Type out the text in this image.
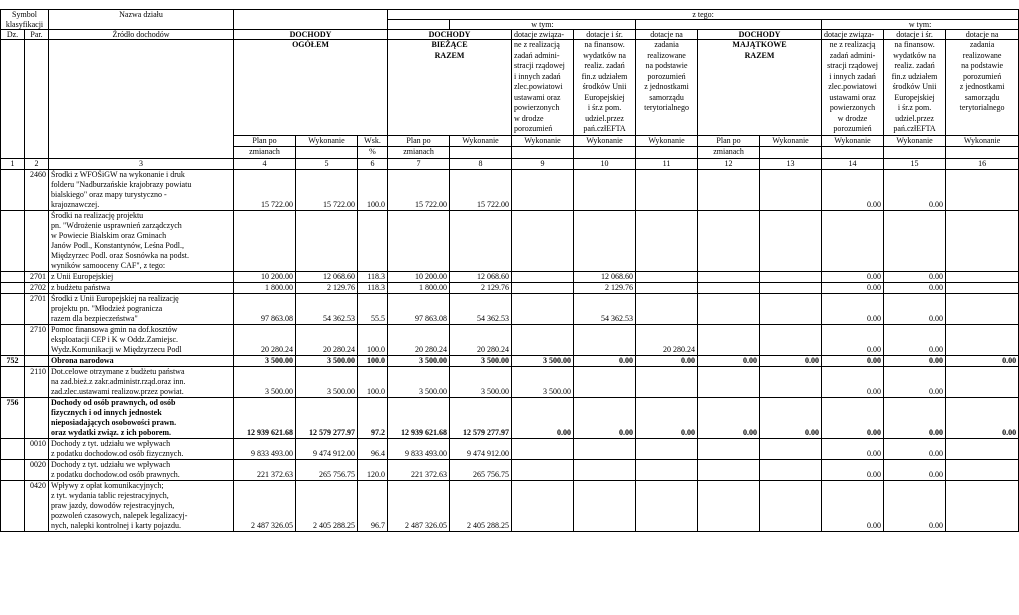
Symbol		Nazwa działu				z tego:									
klasyfikacji							w tym:						w tym:		
Dz.	Par.	Źródło dochodów	DOCHODY			DOCHODY		dotacje związa-	dotacje i śr.	dotacje na	DOCHODY		dotacje związa-	dotacje i śr.	dotacje na
			OGÓŁEM			BIEŻĄCE		ne z realizacją	na finansow.	zadania	MAJĄTKOWE		ne z realizacją	na finansow.	zadania
						RAZEM		zadań admini-	wydatków na	realizowane	RAZEM		zadań admini-	wydatków na	realizowane
								stracji rządowej	realiz. zadań	na podstawie			stracji rządowej	realiz. zadań	na podstawie
								i innych zadań	fin.z udziałem	porozumień			i innych zadań	fin.z udziałem	porozumień
								zlec.powiatowi	środków Unii	z jednostkami			zlec.powiatowi	środków Unii	z jednostkami
								ustawami oraz	Europejskiej	samorządu			ustawami oraz	Europejskiej	samorządu
								powierzonych	i śr.z pom.	terytorialnego			powierzonych	i śr.z pom.	terytorialnego
								w drodze	udziel.przez				w drodze	udziel.przez	
								porozumień	pań.człEFTA				porozumień	pań.człEFTA	
			Plan po	Wykonanie	Wsk.	Plan po	Wykonanie	Wykonanie	Wykonanie	Wykonanie	Plan po	Wykonanie	Wykonanie	Wykonanie	Wykonanie
			zmianach		%	zmianach					zmianach				
1	2	3	4	5	6	7	8	9	10	11	12	13	14	15	16
	2460	Środki z WFOŚiGW na wykonanie i druk													
		folderu "Nadburzańskie krajobrazy powiatu													
		bialskiego" oraz mapy turystyczno -													
		krajoznawczej.	15 722.00	15 722.00	100.0	15 722.00	15 722.00						0.00	0.00	
		Środki na realizację projektu													
		pn. "Wdrożenie usprawnień zarządczych													
		w Powiecie Bialskim oraz Gminach													
		Janów Podl., Konstantynów, Leśna Podl.,													
		Międzyrzec Podl. oraz Sosnówka na podst.													
		wyników samooceny CAF", z tego:													
	2701	z Unii Europejskiej	10 200.00	12 068.60	118.3	10 200.00	12 068.60		12 068.60				0.00	0.00	
	2702	z budżetu państwa	1 800.00	2 129.76	118.3	1 800.00	2 129.76		2 129.76				0.00	0.00	
	2701	Środki z Unii Europejskiej na realizację													
		projektu pn. "Młodzież pogranicza													
		razem dla bezpieczeństwa"	97 863.08	54 362.53	55.5	97 863.08	54 362.53		54 362.53				0.00	0.00	
	2710	Pomoc finansowa gmin na dof.kosztów													
		eksploatacji CEP i K w Oddz.Zamiejsc.													
		Wydz.Komunikacji w Międzyrzecu Podl	20 280.24	20 280.24	100.0	20 280.24	20 280.24			20 280.24			0.00	0.00	
752		Obrona narodowa	3 500.00	3 500.00	100.0	3 500.00	3 500.00	3 500.00	0.00	0.00	0.00	0.00	0.00	0.00	0.00
	2110	Dot.celowe otrzymane z budżetu państwa													
		na zad.bież.z zakr.administr.rząd.oraz inn.													
		zad.zlec.ustawami realizow.przez powiat.	3 500.00	3 500.00	100.0	3 500.00	3 500.00	3 500.00					0.00	0.00	
756		Dochody od osób prawnych, od osób													
		fizycznych i od innych jednostek													
		nieposiadających osobowości prawn.													
		oraz wydatki związ. z ich poborem.	12 939 621.68	12 579 277.97	97.2	12 939 621.68	12 579 277.97	0.00	0.00	0.00	0.00	0.00	0.00	0.00	0.00
	0010	Dochody z tyt. udziału we wpływach													
		z podatku dochodow.od osób fizycznych.	9 833 493.00	9 474 912.00	96.4	9 833 493.00	9 474 912.00						0.00	0.00	
	0020	Dochody z tyt. udziału we wpływach													
		z podatku dochodow.od osób prawnych.	221 372.63	265 756.75	120.0	221 372.63	265 756.75						0.00	0.00	
	0420	Wpływy z opłat komunikacyjnych;													
		z tyt. wydania tablic rejestracyjnych,													
		praw jazdy, dowodów rejestracyjnych,													
		pozwoleń czasowych, nalepek legalizacyj-													
		nych, nalepki kontrolnej i karty pojazdu.	2 487 326.05	2 405 288.25	96.7	2 487 326.05	2 405 288.25						0.00	0.00	
